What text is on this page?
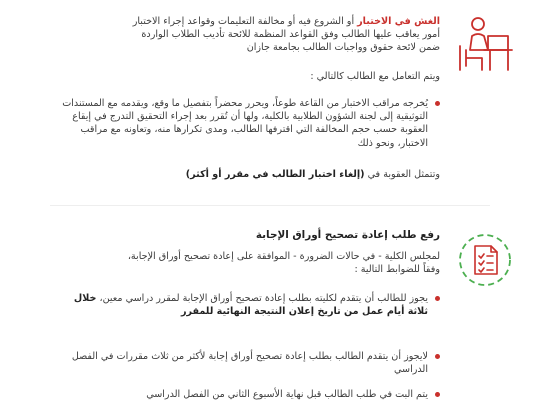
الغش في الاختبار أو الشروع فيه أو مخالفة التعليمات وقواعد إجراء الاختبار
أمور يعاقب عليها الطالب وفق القواعد المنظمة للائحة تأديب الطلاب الواردة
ضمن لائحة حقوق وواجبات الطالب بجامعة جازان
ويتم التعامل مع الطالب كالتالي :
يُخرجه مراقب الاختبار من القاعة طوعاً، ويحرر محضراً بتفصيل ما وقع، ويقدمه مع المستندات التوثيقية إلى لجنة الشؤون الطلابية بالكلية، ولها أن تُقرر بعد إجراء التحقيق التدرج في إيقاع العقوبة حسب حجم المخالفة التي اقترفها الطالب، ومدى تكرارها منه، وتعاونه مع مراقب الاختبار، ونحو ذلك
وتتمثل العقوبة في (إلغاء اختبار الطالب في مقرر أو أكثر)
رفع طلب إعادة تصحيح أوراق الإجابة
لمجلس الكلية - في حالات الضرورة - الموافقة على إعادة تصحيح أوراق الإجابة،
وفقاً للضوابط التالية :
يجوز للطالب أن يتقدم لكليته بطلب إعادة تصحيح أوراق الإجابة لمقرر دراسي معين، خلال ثلاثة أيام عمل من تاريخ إعلان النتيجة النهائية للمقرر
لايجوز أن يتقدم الطالب بطلب إعادة تصحيح أوراق إجابة لأكثر من ثلاث مقررات في الفصل الدراسي
يتم البت في طلب الطالب قبل نهاية الأسبوع الثاني من الفصل الدراسي
